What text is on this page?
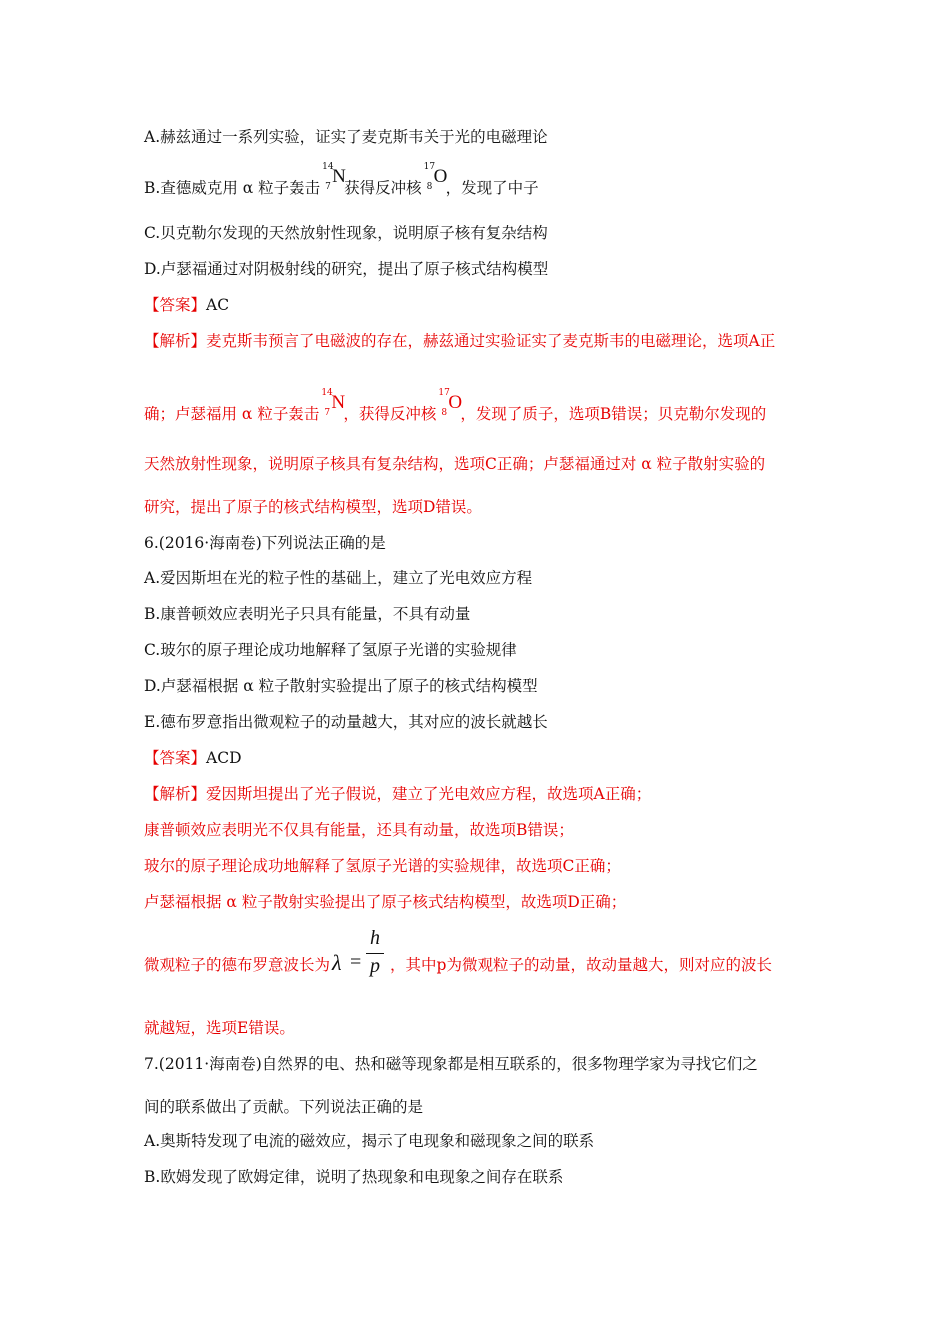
A.赫兹通过一系列实验，证实了麦克斯韦关于光的电磁理论
B.查德威克用 α 粒子轰击
14
7 N
获得反冲核
17
8 O
，发现了中子
C.贝克勒尔发现的天然放射性现象，说明原子核有复杂结构
D.卢瑟福通过对阴极射线的研究，提出了原子核式结构模型
【答案】AC
【解析】麦克斯韦预言了电磁波的存在，赫兹通过实验证实了麦克斯韦的电磁理论，选项A正
确；卢瑟福用 α 粒子轰击
14
7 N
，获得反冲核
17
8 O
，发现了质子，选项B错误；贝克勒尔发现的
天然放射性现象，说明原子核具有复杂结构，选项C正确；卢瑟福通过对 α 粒子散射实验的
研究，提出了原子的核式结构模型，选项D错误。
6.(2016·海南卷)下列说法正确的是
A.爱因斯坦在光的粒子性的基础上，建立了光电效应方程
B.康普顿效应表明光子只具有能量，不具有动量
C.玻尔的原子理论成功地解释了氢原子光谱的实验规律
D.卢瑟福根据 α 粒子散射实验提出了原子的核式结构模型
E.德布罗意指出微观粒子的动量越大，其对应的波长就越长
【答案】ACD
【解析】爱因斯坦提出了光子假说，建立了光电效应方程，故选项A正确；
康普顿效应表明光不仅具有能量，还具有动量，故选项B错误；
玻尔的原子理论成功地解释了氢原子光谱的实验规律，故选项C正确；
卢瑟福根据 α 粒子散射实验提出了原子核式结构模型，故选项D正确；
微观粒子的德布罗意波长为 λ =
h
p ，其中p为微观粒子的动量，故动量越大，则对应的波长
就越短，选项E错误。
7.(2011·海南卷)自然界的电、热和磁等现象都是相互联系的，很多物理学家为寻找它们之
间的联系做出了贡献。下列说法正确的是
A.奥斯特发现了电流的磁效应，揭示了电现象和磁现象之间的联系
B.欧姆发现了欧姆定律，说明了热现象和电现象之间存在联系
